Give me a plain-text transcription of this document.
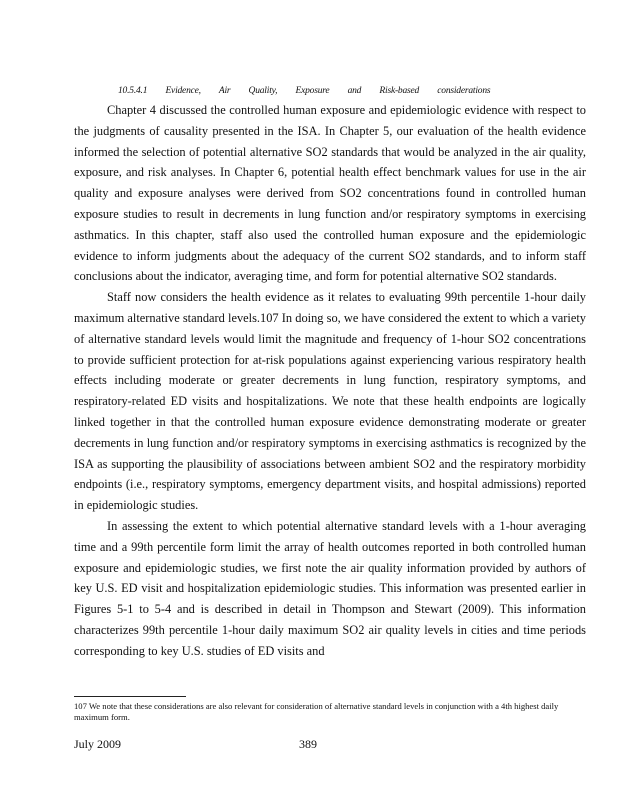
10.5.4.1 Evidence, Air Quality, Exposure and Risk-based considerations

Chapter 4 discussed the controlled human exposure and epidemiologic evidence with respect to the judgments of causality presented in the ISA. In Chapter 5, our evaluation of the health evidence informed the selection of potential alternative SO2 standards that would be analyzed in the air quality, exposure, and risk analyses. In Chapter 6, potential health effect benchmark values for use in the air quality and exposure analyses were derived from SO2 concentrations found in controlled human exposure studies to result in decrements in lung function and/or respiratory symptoms in exercising asthmatics. In this chapter, staff also used the controlled human exposure and the epidemiologic evidence to inform judgments about the adequacy of the current SO2 standards, and to inform staff conclusions about the indicator, averaging time, and form for potential alternative SO2 standards.

Staff now considers the health evidence as it relates to evaluating 99th percentile 1-hour daily maximum alternative standard levels.107 In doing so, we have considered the extent to which a variety of alternative standard levels would limit the magnitude and frequency of 1-hour SO2 concentrations to provide sufficient protection for at-risk populations against experiencing various respiratory health effects including moderate or greater decrements in lung function, respiratory symptoms, and respiratory-related ED visits and hospitalizations. We note that these health endpoints are logically linked together in that the controlled human exposure evidence demonstrating moderate or greater decrements in lung function and/or respiratory symptoms in exercising asthmatics is recognized by the ISA as supporting the plausibility of associations between ambient SO2 and the respiratory morbidity endpoints (i.e., respiratory symptoms, emergency department visits, and hospital admissions) reported in epidemiologic studies.

In assessing the extent to which potential alternative standard levels with a 1-hour averaging time and a 99th percentile form limit the array of health outcomes reported in both controlled human exposure and epidemiologic studies, we first note the air quality information provided by authors of key U.S. ED visit and hospitalization epidemiologic studies. This information was presented earlier in Figures 5-1 to 5-4 and is described in detail in Thompson and Stewart (2009). This information characterizes 99th percentile 1-hour daily maximum SO2 air quality levels in cities and time periods corresponding to key U.S. studies of ED visits and

107 We note that these considerations are also relevant for consideration of alternative standard levels in conjunction with a 4th highest daily maximum form.
July 2009	389
